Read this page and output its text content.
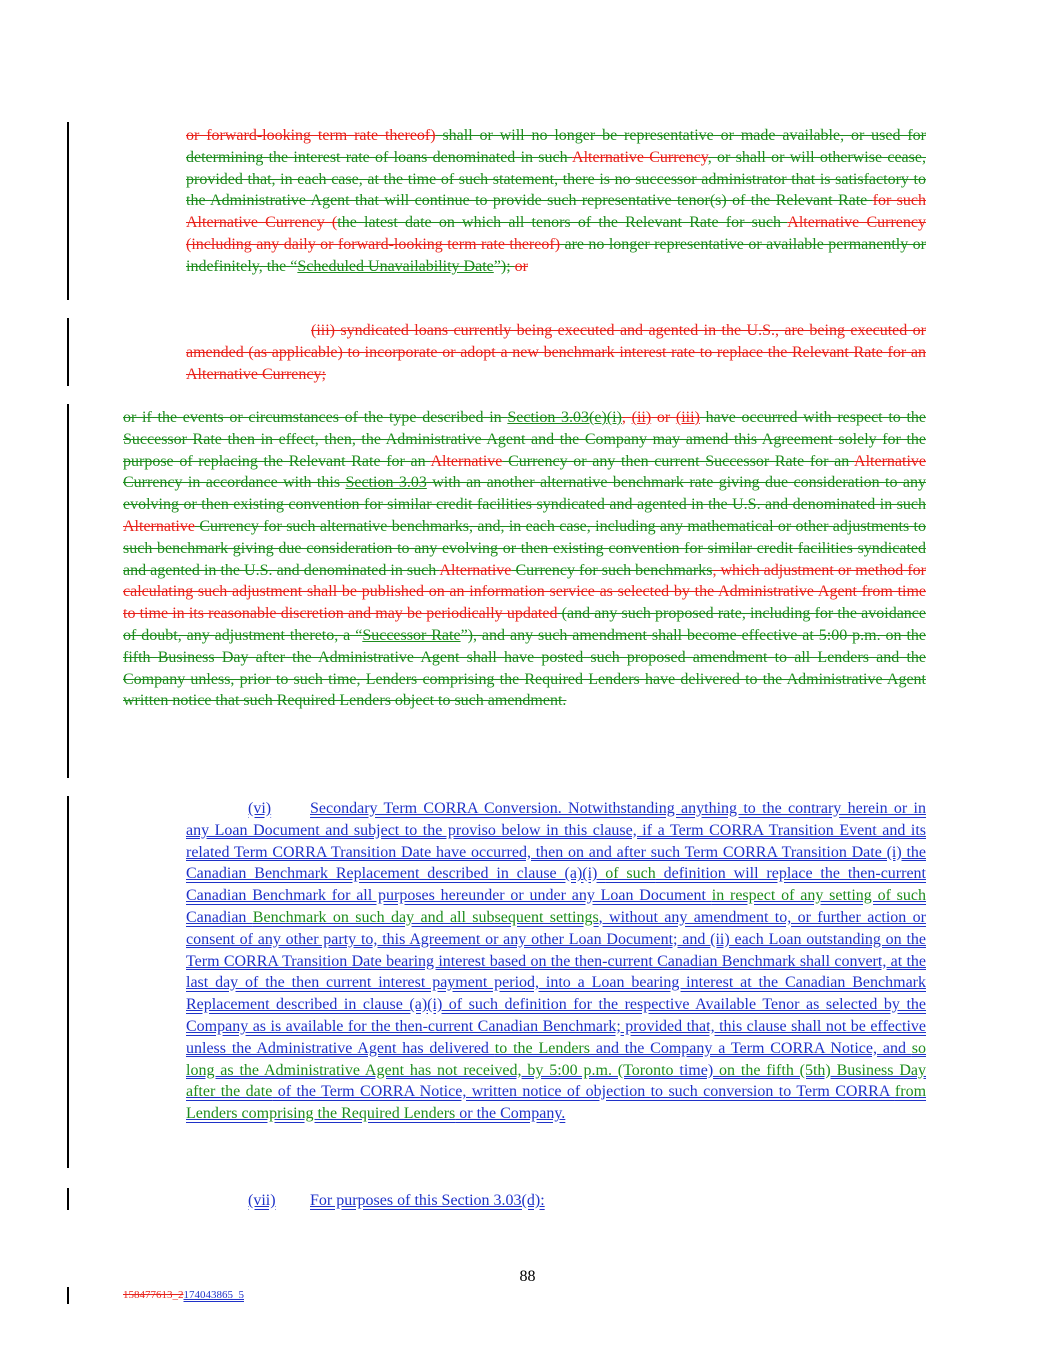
or forward-looking term rate thereof) shall or will no longer be representative or made available, or used for determining the interest rate of loans denominated in such Alternative Currency, or shall or will otherwise cease, provided that, in each case, at the time of such statement, there is no successor administrator that is satisfactory to the Administrative Agent that will continue to provide such representative tenor(s) of the Relevant Rate for such Alternative Currency (the latest date on which all tenors of the Relevant Rate for such Alternative Currency (including any daily or forward-looking term rate thereof) are no longer representative or available permanently or indefinitely, the “Scheduled Unavailability Date”); or
(iii) syndicated loans currently being executed and agented in the U.S., are being executed or amended (as applicable) to incorporate or adopt a new benchmark interest rate to replace the Relevant Rate for an Alternative Currency;
or if the events or circumstances of the type described in Section 3.03(e)(i), (ii) or (iii) have occurred with respect to the Successor Rate then in effect, then, the Administrative Agent and the Company may amend this Agreement solely for the purpose of replacing the Relevant Rate for an Alternative Currency or any then current Successor Rate for an Alternative Currency in accordance with this Section 3.03 with an another alternative benchmark rate giving due consideration to any evolving or then existing convention for similar credit facilities syndicated and agented in the U.S. and denominated in such Alternative Currency for such alternative benchmarks, and, in each case, including any mathematical or other adjustments to such benchmark giving due consideration to any evolving or then existing convention for similar credit facilities syndicated and agented in the U.S. and denominated in such Alternative Currency for such benchmarks, which adjustment or method for calculating such adjustment shall be published on an information service as selected by the Administrative Agent from time to time in its reasonable discretion and may be periodically updated (and any such proposed rate, including for the avoidance of doubt, any adjustment thereto, a “Successor Rate”), and any such amendment shall become effective at 5:00 p.m. on the fifth Business Day after the Administrative Agent shall have posted such proposed amendment to all Lenders and the Company unless, prior to such time, Lenders comprising the Required Lenders have delivered to the Administrative Agent written notice that such Required Lenders object to such amendment.
(vi) Secondary Term CORRA Conversion. Notwithstanding anything to the contrary herein or in any Loan Document and subject to the proviso below in this clause, if a Term CORRA Transition Event and its related Term CORRA Transition Date have occurred, then on and after such Term CORRA Transition Date (i) the Canadian Benchmark Replacement described in clause (a)(i) of such definition will replace the then-current Canadian Benchmark for all purposes hereunder or under any Loan Document in respect of any setting of such Canadian Benchmark on such day and all subsequent settings, without any amendment to, or further action or consent of any other party to, this Agreement or any other Loan Document; and (ii) each Loan outstanding on the Term CORRA Transition Date bearing interest based on the then-current Canadian Benchmark shall convert, at the last day of the then current interest payment period, into a Loan bearing interest at the Canadian Benchmark Replacement described in clause (a)(i) of such definition for the respective Available Tenor as selected by the Company as is available for the then-current Canadian Benchmark; provided that, this clause shall not be effective unless the Administrative Agent has delivered to the Lenders and the Company a Term CORRA Notice, and so long as the Administrative Agent has not received, by 5:00 p.m. (Toronto time) on the fifth (5th) Business Day after the date of the Term CORRA Notice, written notice of objection to such conversion to Term CORRA from Lenders comprising the Required Lenders or the Company.
(vii) For purposes of this Section 3.03(d):
88
158477613_2174043865_5
